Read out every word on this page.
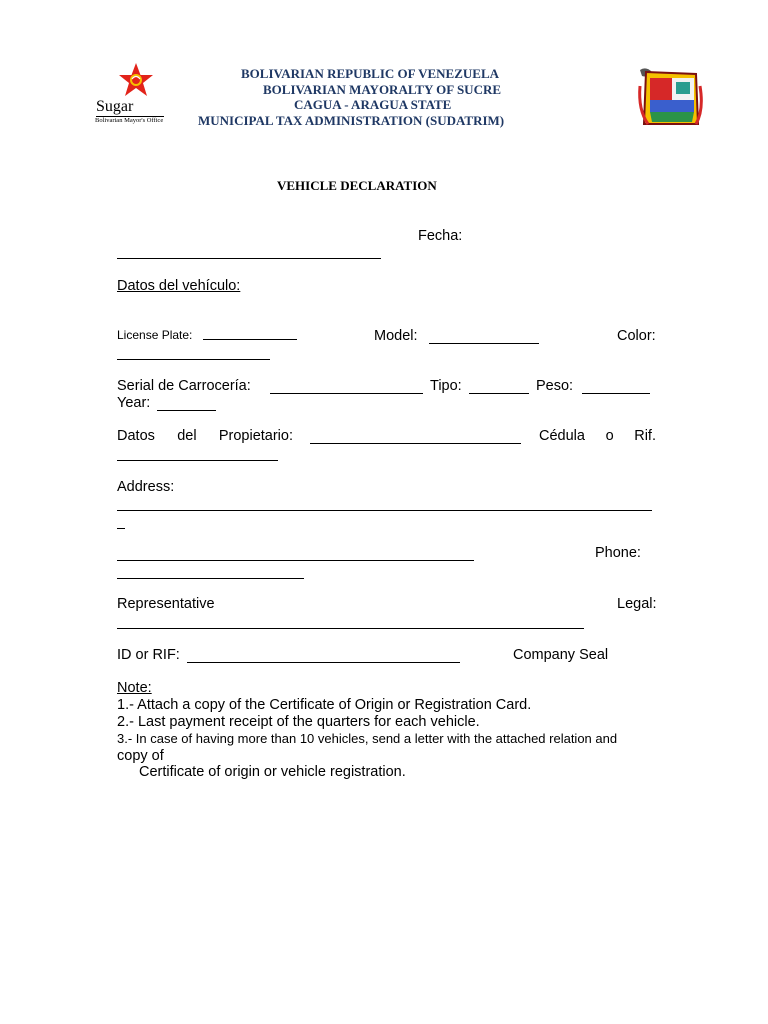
Sugar
Bolivarian Mayor's Office
BOLIVARIAN REPUBLIC OF VENEZUELA
BOLIVARIAN MAYORALTY OF SUCRE
CAGUA - ARAGUA STATE
MUNICIPAL TAX ADMINISTRATION (SUDATRIM)
VEHICLE DECLARATION
Fecha:
Datos del vehículo:
License Plate:	Model:	Color:
Serial de Carrocería:	Tipo:	Peso:
Year:
Datos del Propietario:	Cédula o Rif.
Address:
Phone:
Representative	Legal:
ID or RIF:	Company Seal
Note:
1.- Attach a copy of the Certificate of Origin or Registration Card.
2.- Last payment receipt of the quarters for each vehicle.
3.- In case of having more than 10 vehicles, send a letter with the attached relation and
copy of
Certificate of origin or vehicle registration.
